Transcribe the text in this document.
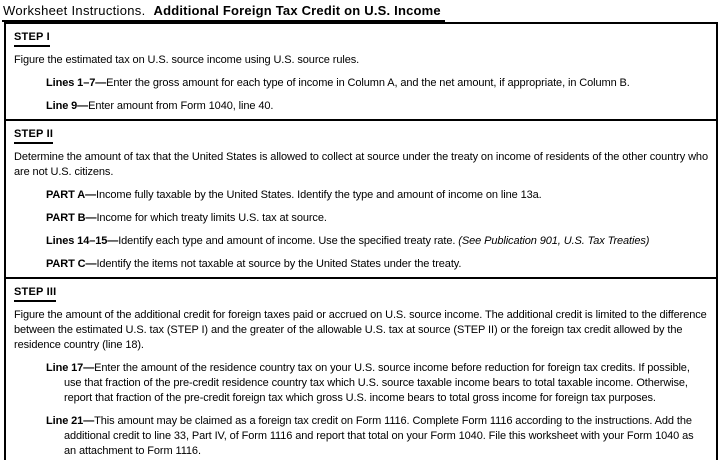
Worksheet Instructions. Additional Foreign Tax Credit on U.S. Income
STEP I

Figure the estimated tax on U.S. source income using U.S. source rules.

Lines 1–7—Enter the gross amount for each type of income in Column A, and the net amount, if appropriate, in Column B.

Line 9—Enter amount from Form 1040, line 40.

STEP II

Determine the amount of tax that the United States is allowed to collect at source under the treaty on income of residents of the other country who are not U.S. citizens.

PART A—Income fully taxable by the United States. Identify the type and amount of income on line 13a.

PART B—Income for which treaty limits U.S. tax at source.

Lines 14–15—Identify each type and amount of income. Use the specified treaty rate. (See Publication 901, U.S. Tax Treaties)

PART C—Identify the items not taxable at source by the United States under the treaty.

STEP III

Figure the amount of the additional credit for foreign taxes paid or accrued on U.S. source income. The additional credit is limited to the difference between the estimated U.S. tax (STEP I) and the greater of the allowable U.S. tax at source (STEP II) or the foreign tax credit allowed by the residence country (line 18).

Line 17—Enter the amount of the residence country tax on your U.S. source income before reduction for foreign tax credits. If possible, use that fraction of the pre-credit residence country tax which U.S. source taxable income bears to total taxable income. Otherwise, report that fraction of the pre-credit foreign tax which gross U.S. income bears to total gross income for foreign tax purposes.

Line 21—This amount may be claimed as a foreign tax credit on Form 1116. Complete Form 1116 according to the instructions. Add the additional credit to line 33, Part IV, of Form 1116 and report that total on your Form 1040. File this worksheet with your Form 1040 as an attachment to Form 1116.
